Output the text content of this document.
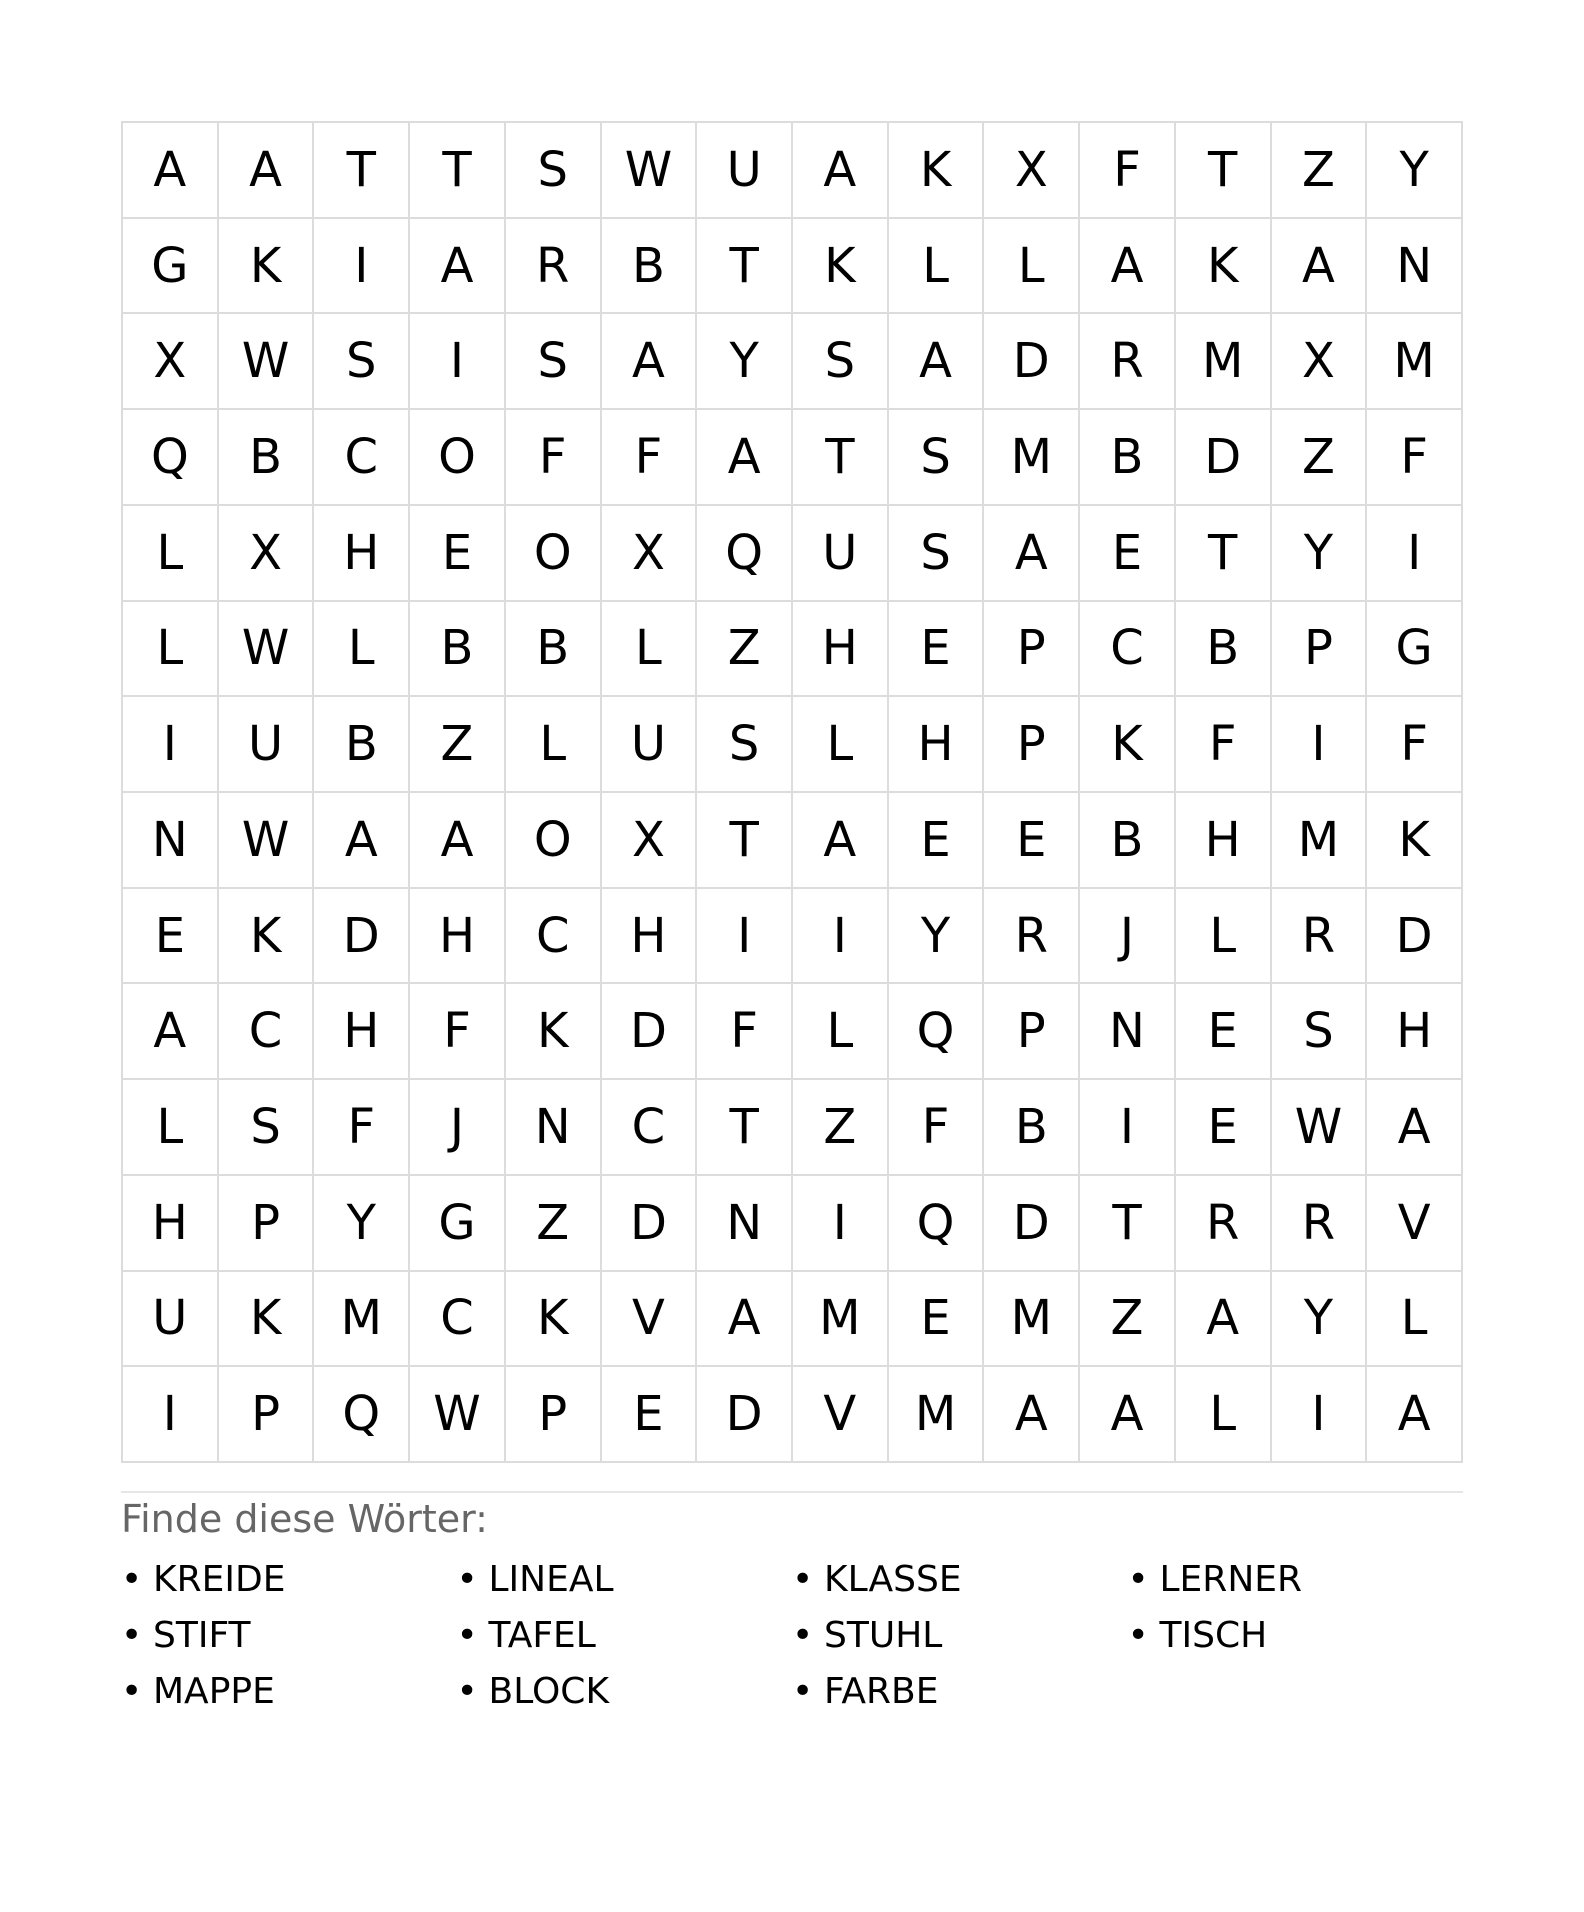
A	A	T	T	S	W	U	A	K	X	F	T	Z	Y
G	K	I	A	R	B	T	K	L	L	A	K	A	N
X	W	S	I	S	A	Y	S	A	D	R	M	X	M
Q	B	C	O	F	F	A	T	S	M	B	D	Z	F
L	X	H	E	O	X	Q	U	S	A	E	T	Y	I
L	W	L	B	B	L	Z	H	E	P	C	B	P	G
I	U	B	Z	L	U	S	L	H	P	K	F	I	F
N	W	A	A	O	X	T	A	E	E	B	H	M	K
E	K	D	H	C	H	I	I	Y	R	J	L	R	D
A	C	H	F	K	D	F	L	Q	P	N	E	S	H
L	S	F	J	N	C	T	Z	F	B	I	E	W	A
H	P	Y	G	Z	D	N	I	Q	D	T	R	R	V
U	K	M	C	K	V	A	M	E	M	Z	A	Y	L
I	P	Q	W	P	E	D	V	M	A	A	L	I	A
Finde diese Wörter:
• KREIDE	• LINEAL	• KLASSE	• LERNER
• STIFT	• TAFEL	• STUHL	• TISCH
• MAPPE	• BLOCK	• FARBE
